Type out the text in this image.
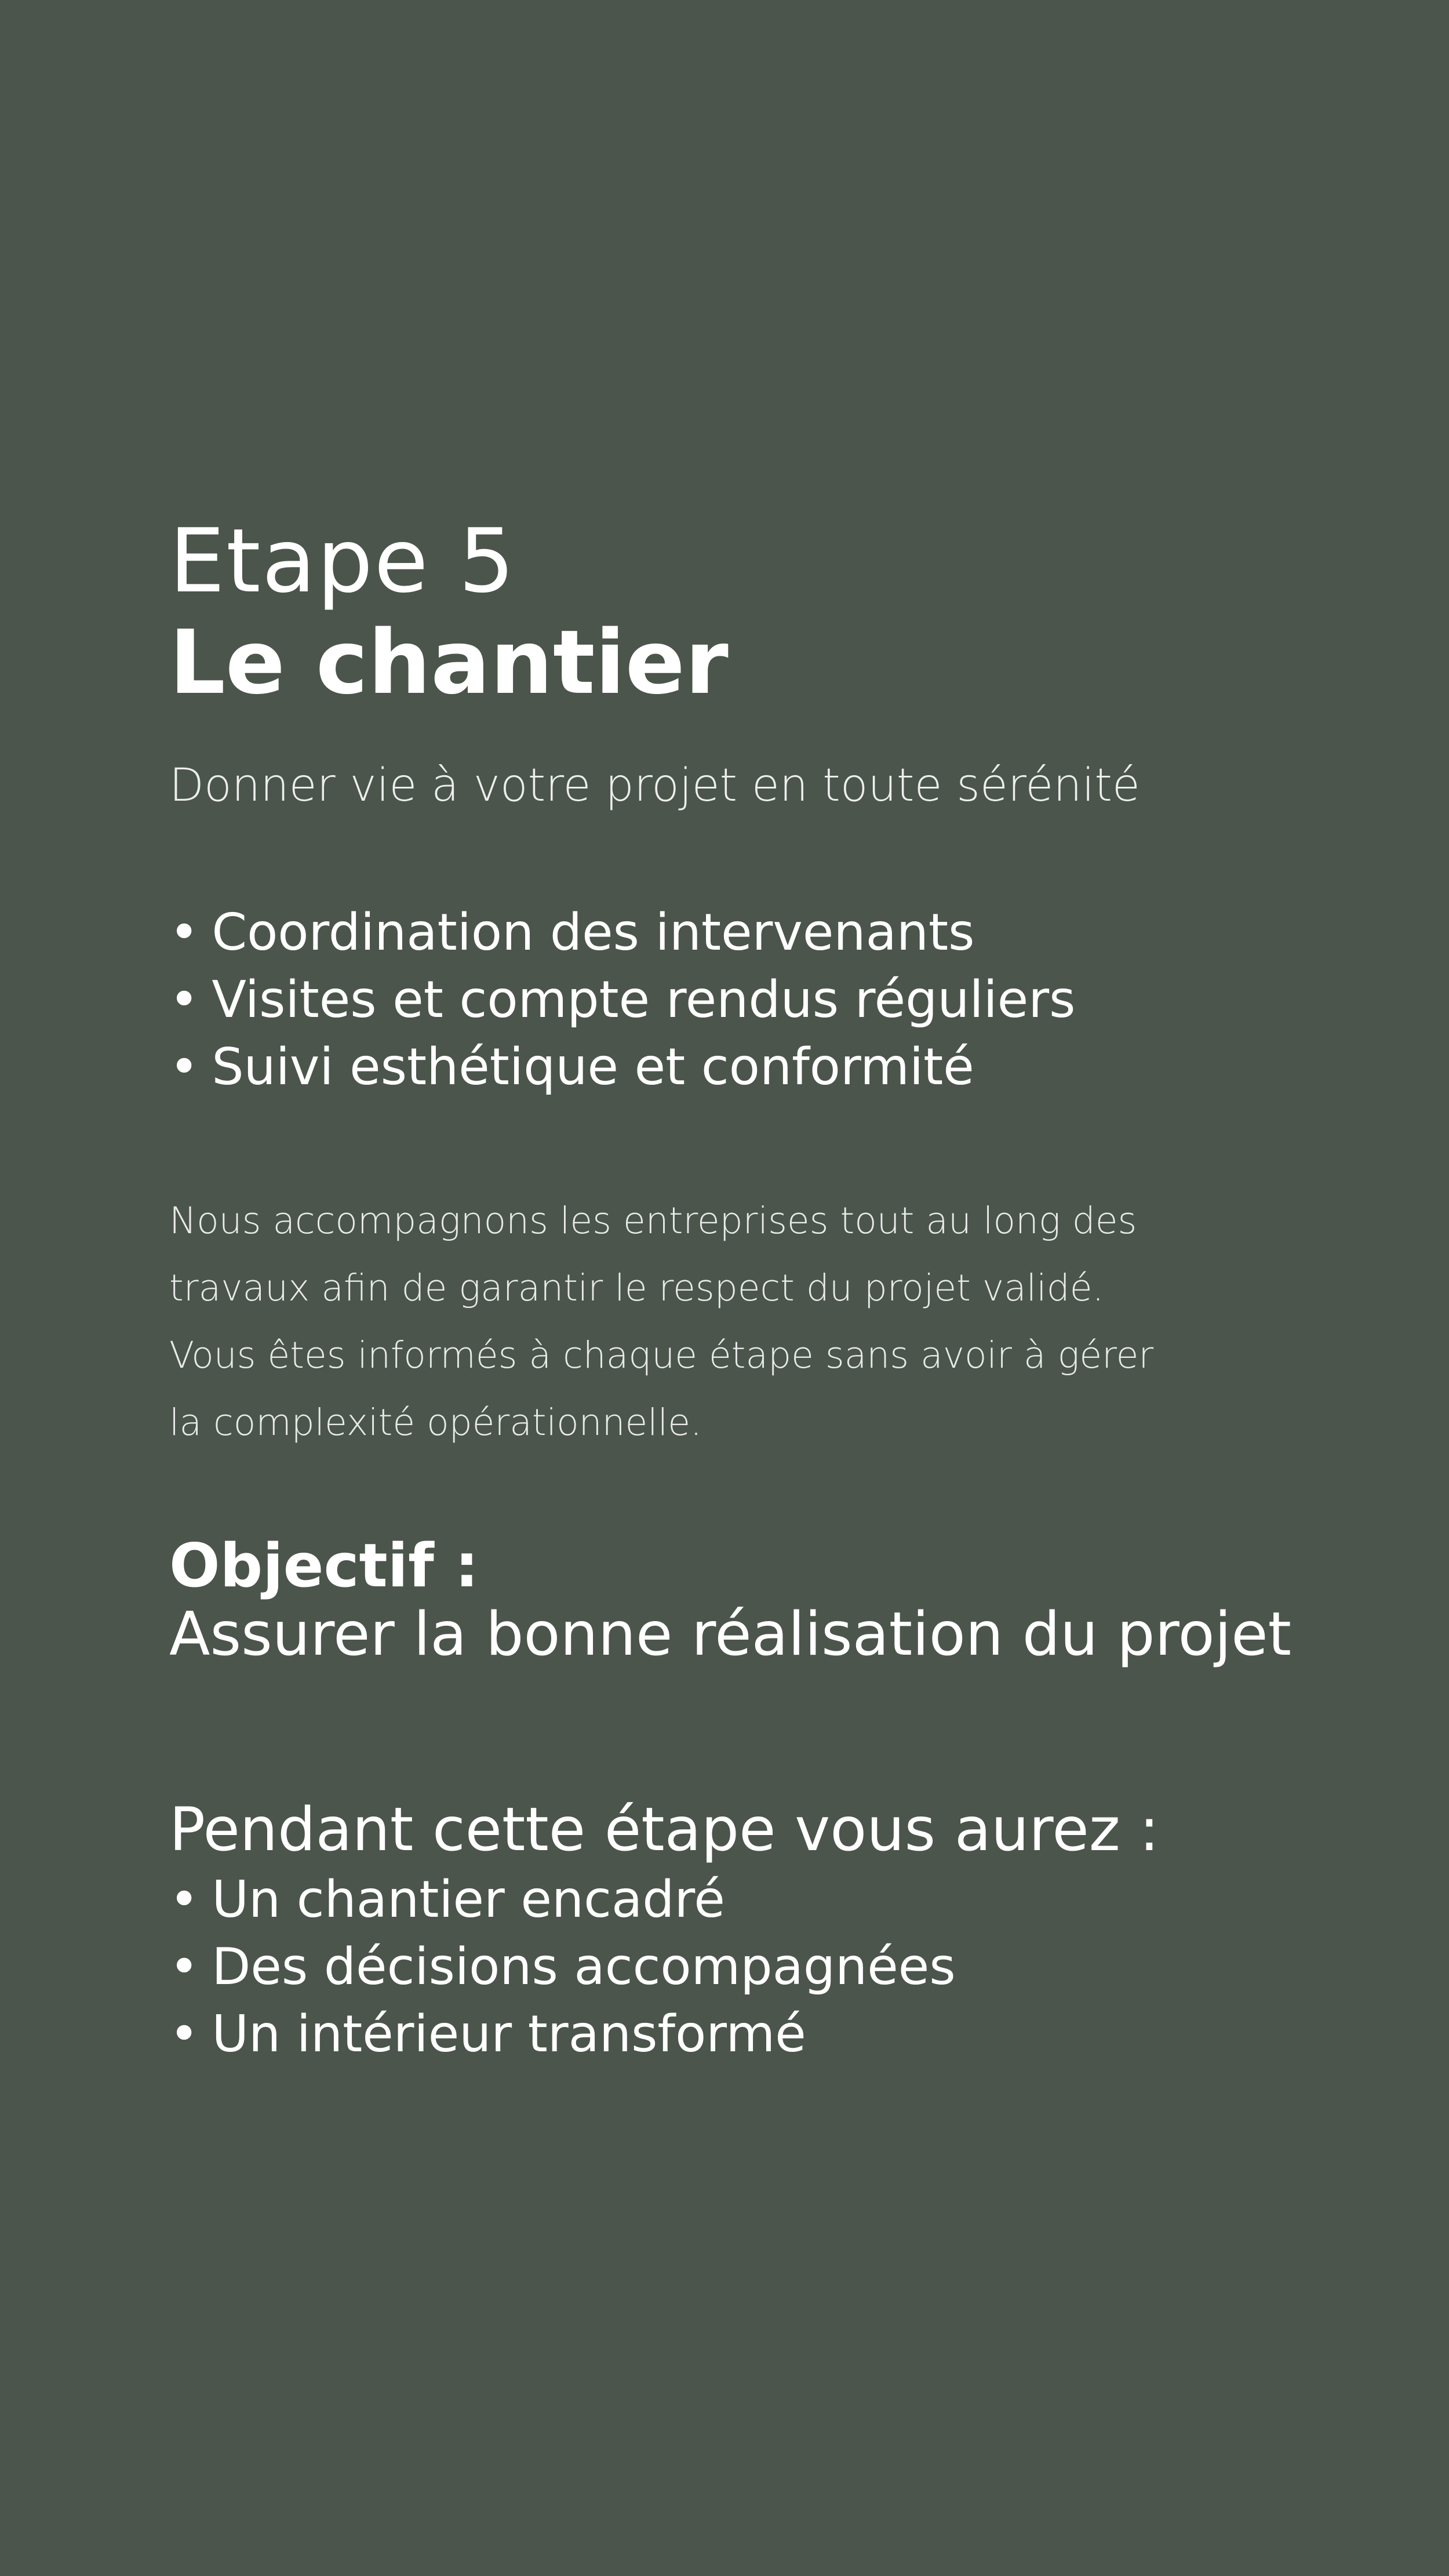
Etape 5
Le chantier
Donner vie à votre projet en toute sérénité
• Coordination des intervenants
• Visites et compte rendus réguliers
• Suivi esthétique et conformité

Nous accompagnons les entreprises tout au long des

travaux afin de garantir le respect du projet validé.

Vous êtes informés à chaque étape sans avoir à gérer

la complexité opérationnelle.

Objectif :

Assurer la bonne réalisation du projet

Pendant cette étape vous aurez :

• Un chantier encadré
• Des décisions accompagnées
• Un intérieur transformé
